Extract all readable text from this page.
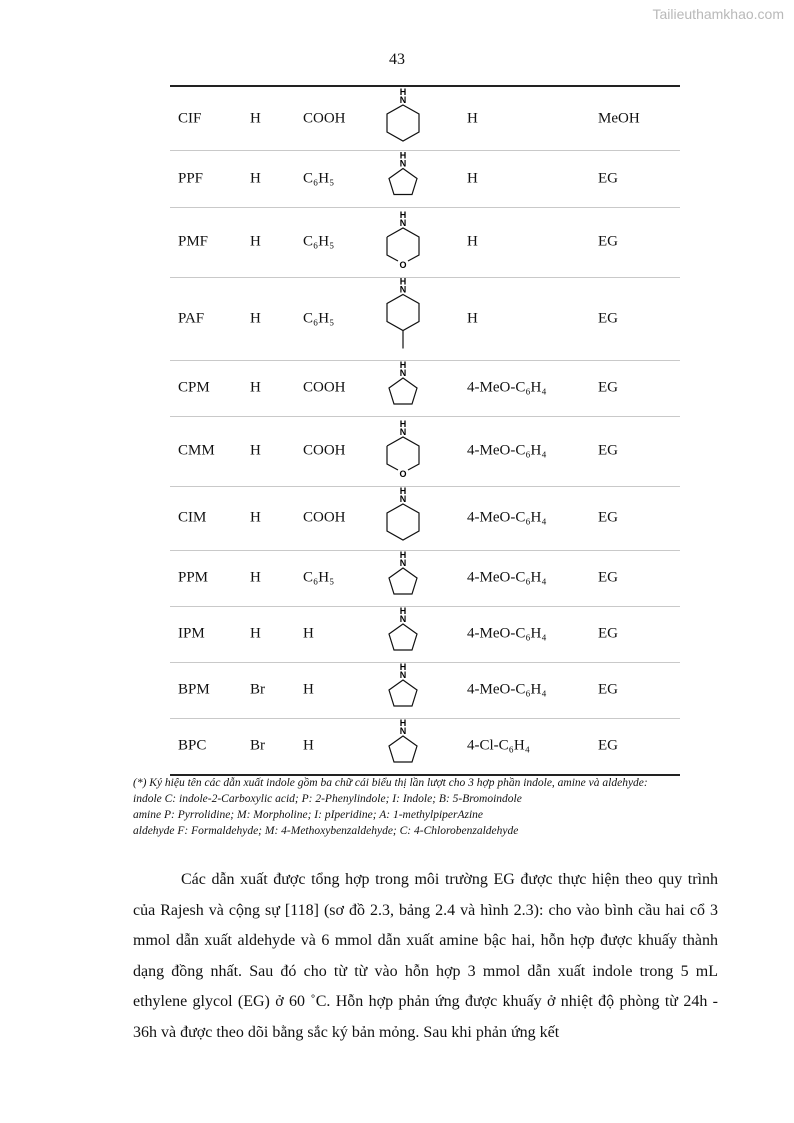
Tailieuthamkhao.com
43
CIF	H	COOH	H	MeOH
H
N
PPF	H	C₆H₅	H	EG
H
N
PMF	H	C₆H₅	H	EG
H
N
O
PAF	H	C₆H₅	H	EG
H
N
CPM	H	COOH	4-MeO-C₆H₄	EG
H
N
CMM H	COOH	4-MeO-C₆H₄	EG
H
N
O
CIM	H	COOH	4-MeO-C₆H₄	EG
H
N
PPM	H	C₆H₅	4-MeO-C₆H₄	EG
H
N
IPM	H	H	4-MeO-C₆H₄	EG
H
N
BPM	Br	H	4-MeO-C₆H₄	EG
H
N
BPC	Br	H	4-Cl-C₆H₄	EG
H
N
(*) Ký hiệu tên các dẫn xuất indole gồm ba chữ cái biểu thị lần lượt cho 3 hợp phần indole, amine và aldehyde:
indole C: indole-2-Carboxylic acid; P: 2-Phenylindole; I: Indole; B: 5-Bromoindole
amine P: Pyrrolidine; M: Morpholine; I: pIperidine; A: 1-methylpiperAzine
aldehyde F: Formaldehyde; M: 4-Methoxybenzaldehyde; C: 4-Chlorobenzaldehyde

Các dẫn xuất được tổng hợp trong môi trường EG được thực hiện theo quy trình của Rajesh và cộng sự [118] (sơ đồ 2.3, bảng 2.4 và hình 2.3): cho vào bình cầu hai cổ 3 mmol dẫn xuất aldehyde và 6 mmol dẫn xuất amine bậc hai, hỗn hợp được khuấy thành dạng đồng nhất. Sau đó cho từ từ vào hỗn hợp 3 mmol dẫn xuất indole trong 5 mL ethylene glycol (EG) ở 60 ˚C. Hỗn hợp phản ứng được khuấy ở nhiệt độ phòng từ 24h - 36h và được theo dõi bằng sắc ký bản mỏng. Sau khi phản ứng kết
